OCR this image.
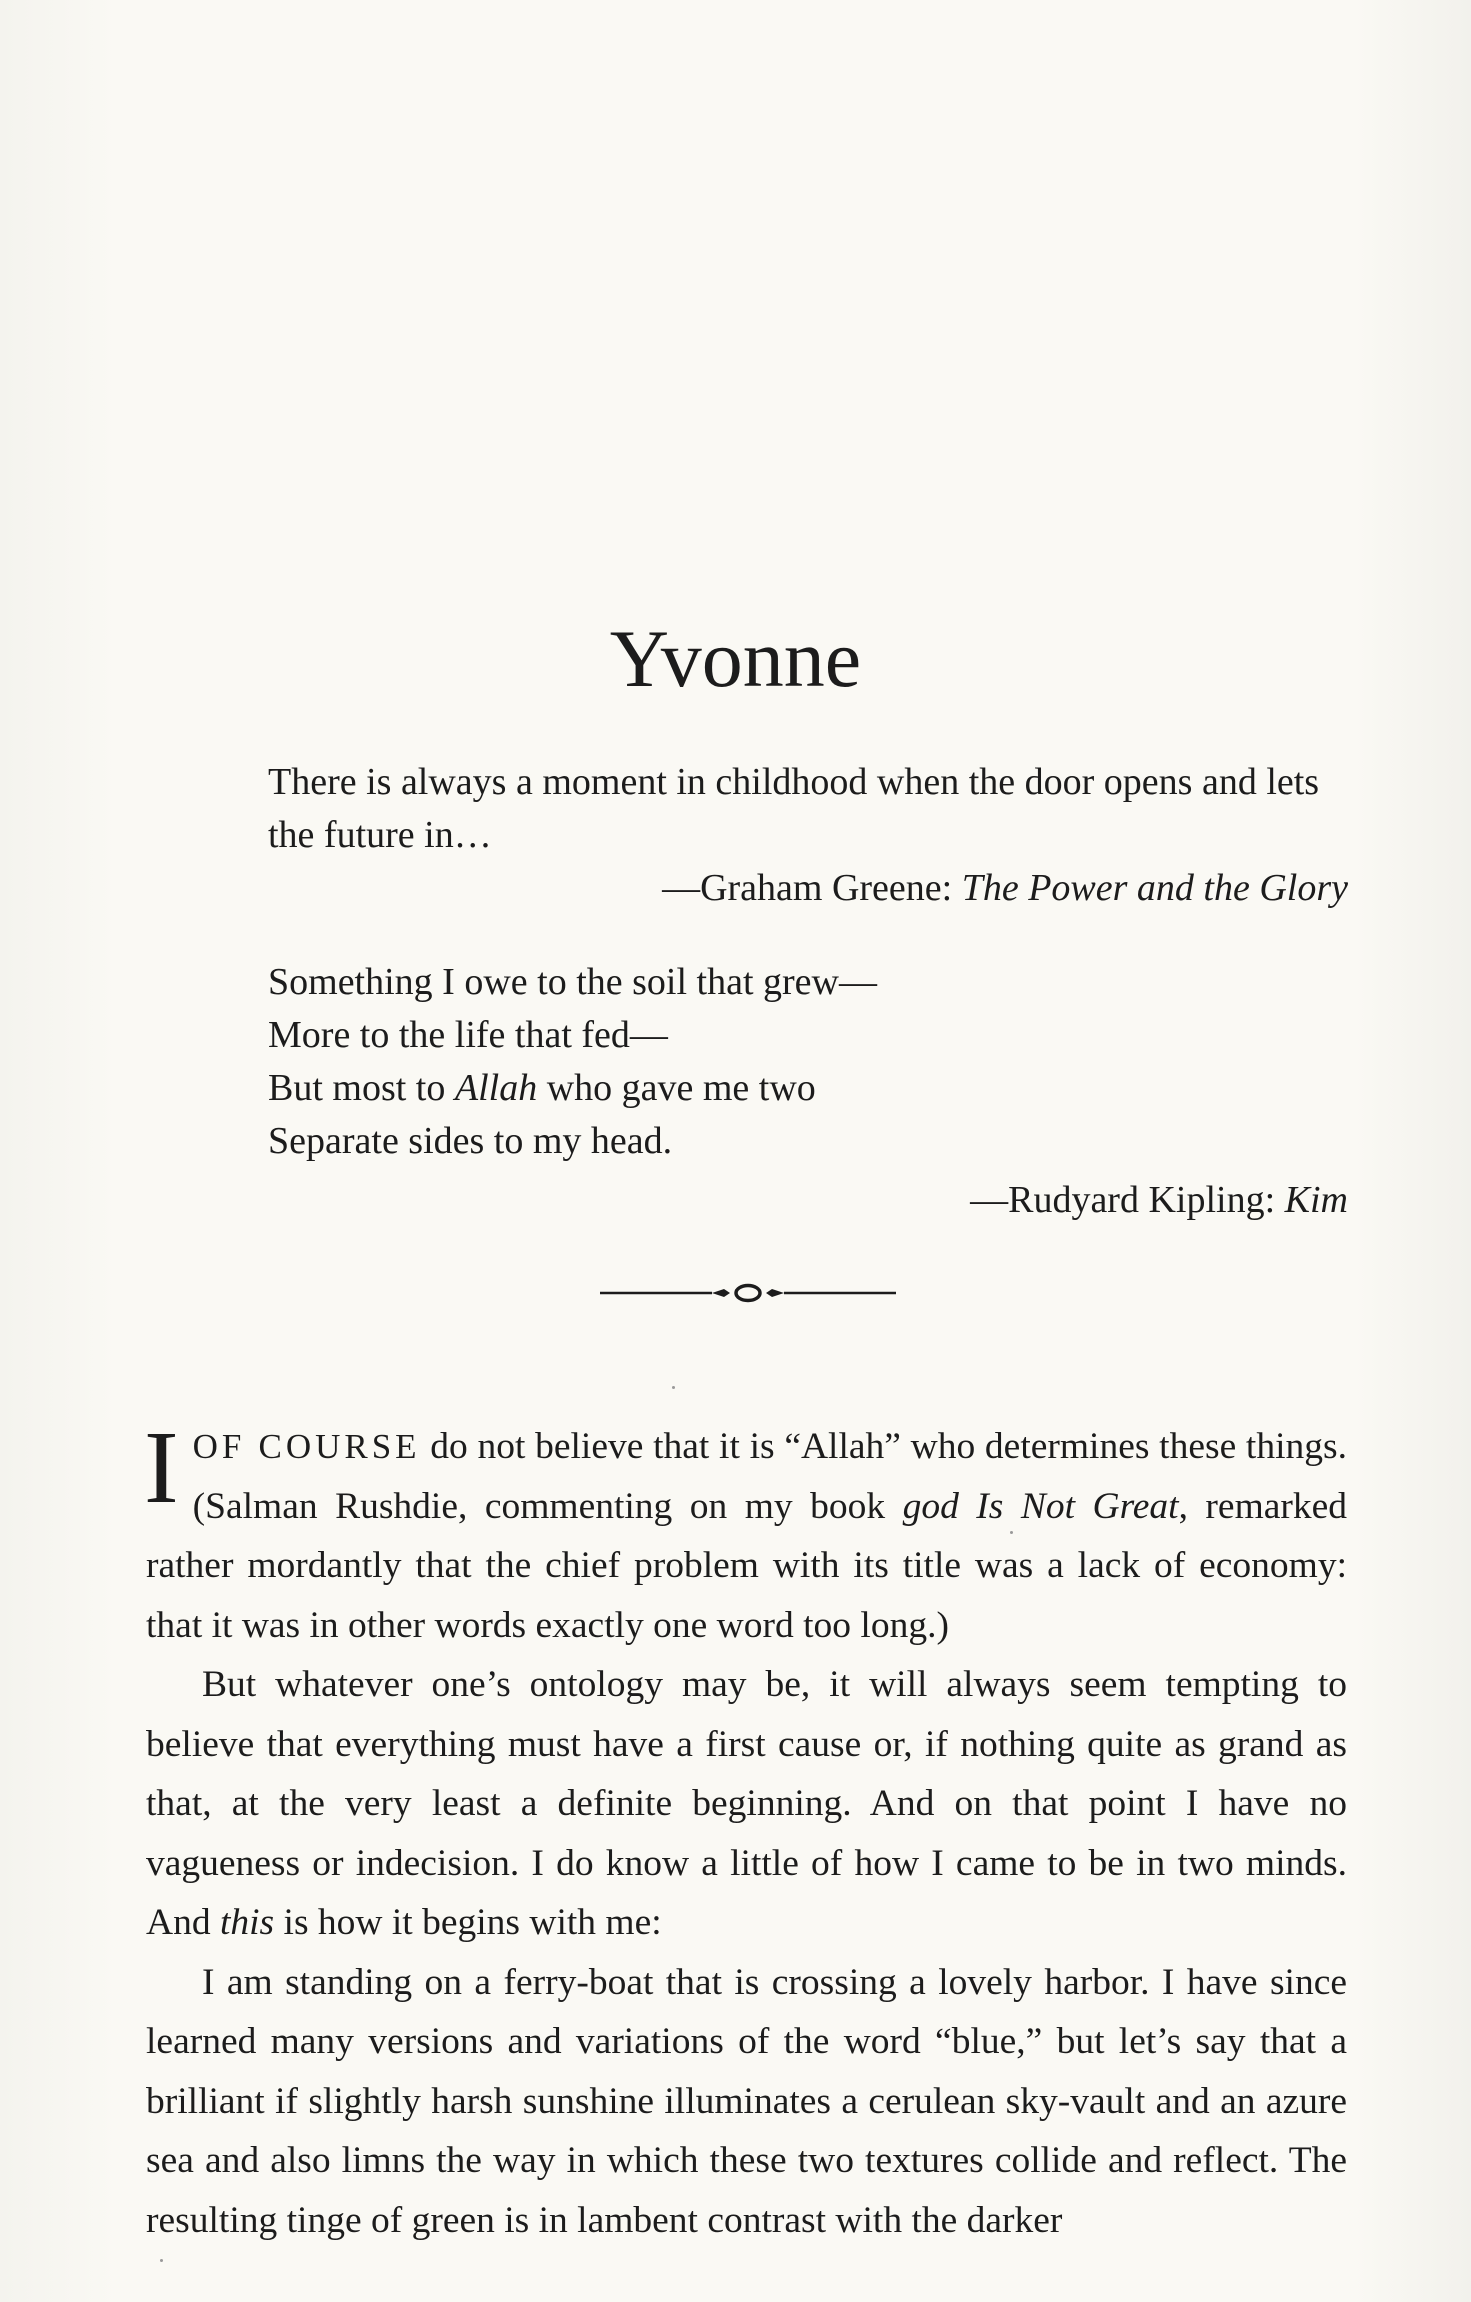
Yvonne
There is always a moment in childhood when the door opens and lets the future in…
—Graham Greene: The Power and the Glory
Something I owe to the soil that grew—
More to the life that fed—
But most to Allah who gave me two
Separate sides to my head.
—Rudyard Kipling: Kim

IOF COURSE do not believe that it is “Allah” who determines these things. (Salman Rushdie, commenting on my book god Is Not Great, remarked rather mordantly that the chief problem with its title was a lack of economy: that it was in other words exactly one word too long.)

But whatever one’s ontology may be, it will always seem tempting to believe that everything must have a first cause or, if nothing quite as grand as that, at the very least a definite beginning. And on that point I have no vagueness or indecision. I do know a little of how I came to be in two minds. And this is how it begins with me:

I am standing on a ferry-boat that is crossing a lovely harbor. I have since learned many versions and variations of the word “blue,” but let’s say that a brilliant if slightly harsh sunshine illuminates a cerulean sky-vault and an azure sea and also limns the way in which these two textures collide and reflect. The resulting tinge of green is in lambent contrast with the darker
